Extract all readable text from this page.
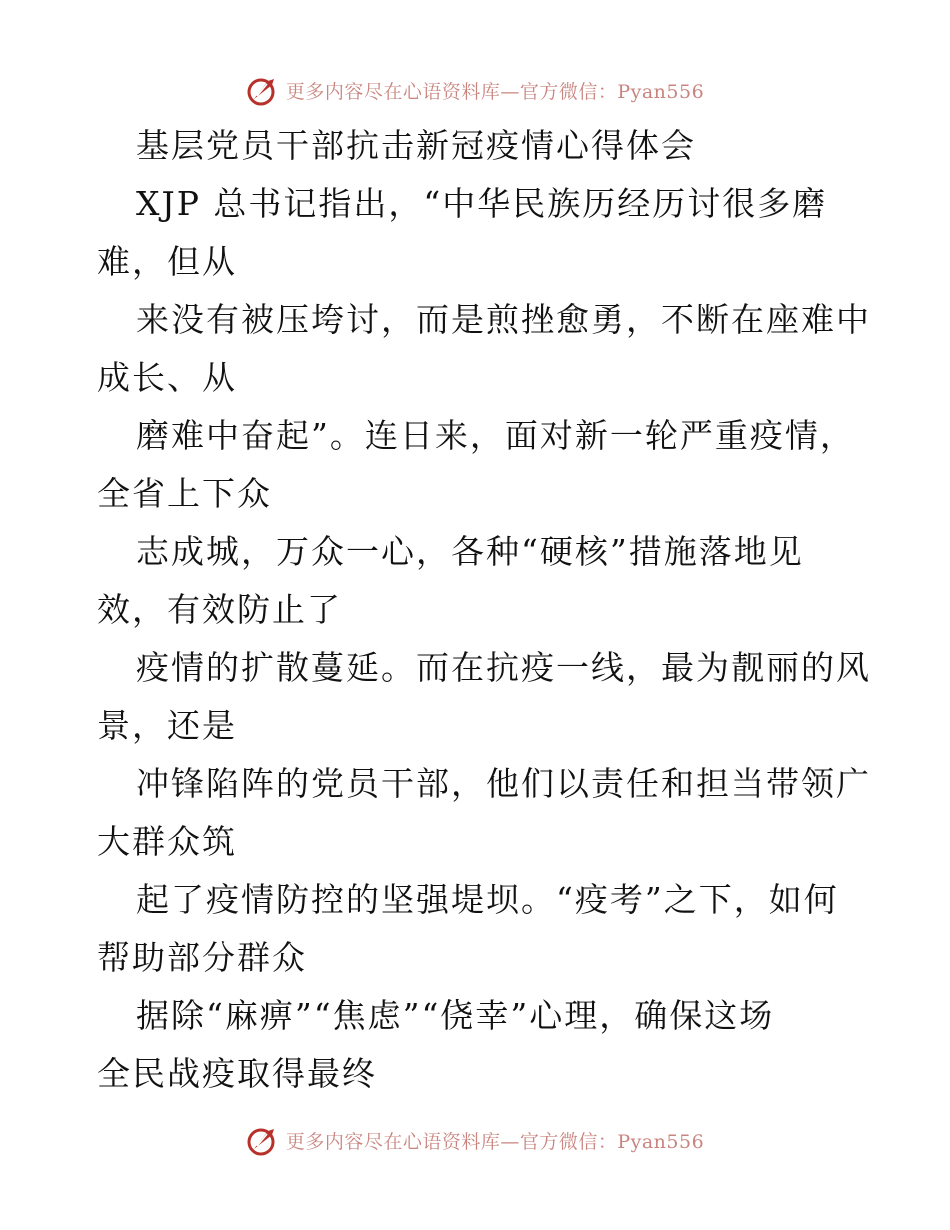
更多内容尽在心语资料库—官方微信：Pyan556
基层党员干部抗击新冠疫情心得体会
XJP 总书记指出，“中华民族历经历讨很多磨
难，但从
来没有被压垮讨，而是煎挫愈勇，不断在座难中
成长、从
磨难中奋起”。连日来，面对新一轮严重疫情，
全省上下众
志成城，万众一心，各种“硬核”措施落地见
效，有效防止了
疫情的扩散蔓延。而在抗疫一线，最为靓丽的风
景，还是
冲锋陷阵的党员干部，他们以责任和担当带领广
大群众筑
起了疫情防控的坚强堤坝。“疫考”之下，如何
帮助部分群众
据除“麻痹”“焦虑”“侥幸”心理，确保这场
全民战疫取得最终
更多内容尽在心语资料库—官方微信：Pyan556
